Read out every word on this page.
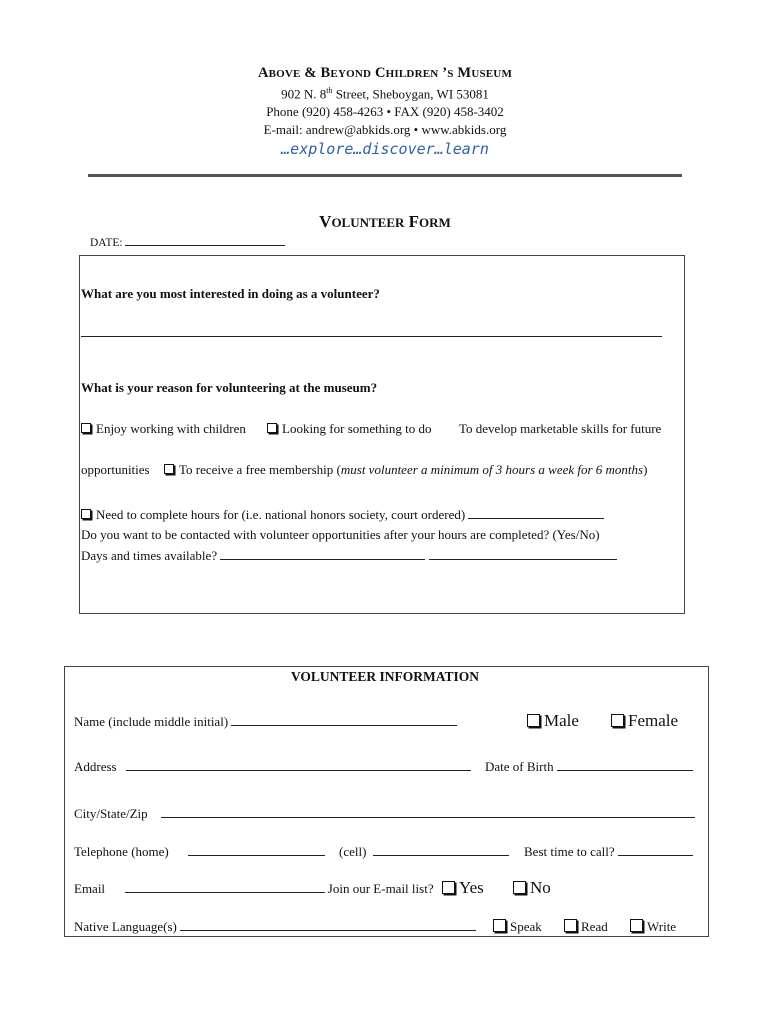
ABOVE & BEYOND CHILDREN ’S MUSEUM
902 N. 8th Street, Sheboygan, WI 53081
Phone (920) 458-4263 • FAX (920) 458-3402
E-mail: andrew@abkids.org • www.abkids.org
…explore…discover…learn
VOLUNTEER FORM
DATE:
What are you most interested in doing as a volunteer?
What is your reason for volunteering at the museum?
Enjoy working with children	Looking for something to do To develop marketable skills for future
opportunities	To receive a free membership (must volunteer a minimum of 3 hours a week for 6 months)
Need to complete hours for (i.e. national honors society, court ordered)
Do you want to be contacted with volunteer opportunities after your hours are completed? (Yes/No)
Days and times available?
VOLUNTEER INFORMATION
Name (include middle initial)	Male	Female
Address	Date of Birth
City/State/Zip
Telephone (home)	(cell)	Best time to call?
Email	Join our E-mail list?	Yes	No
Native Language(s)	Speak	Read	Write
